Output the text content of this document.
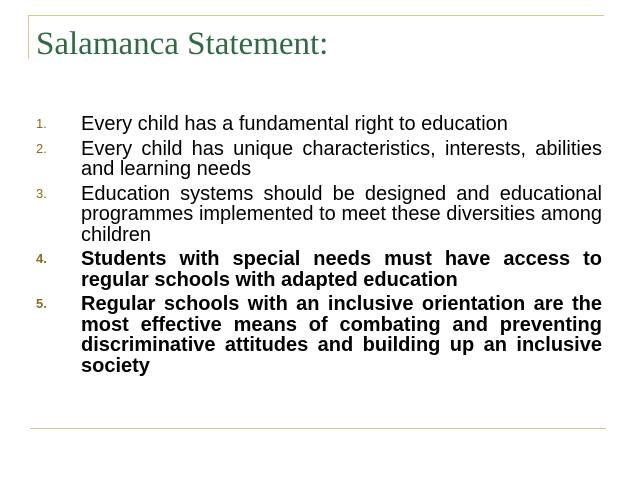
Salamanca Statement:
1. Every child has a fundamental right to education
2. Every child has unique characteristics, interests, abilities and learning needs
3. Education systems should be designed and educational programmes implemented to meet these diversities among children
4. Students with special needs must have access to regular schools with adapted education
5. Regular schools with an inclusive orientation are the most effective means of combating and preventing discriminative attitudes and building up an inclusive society
